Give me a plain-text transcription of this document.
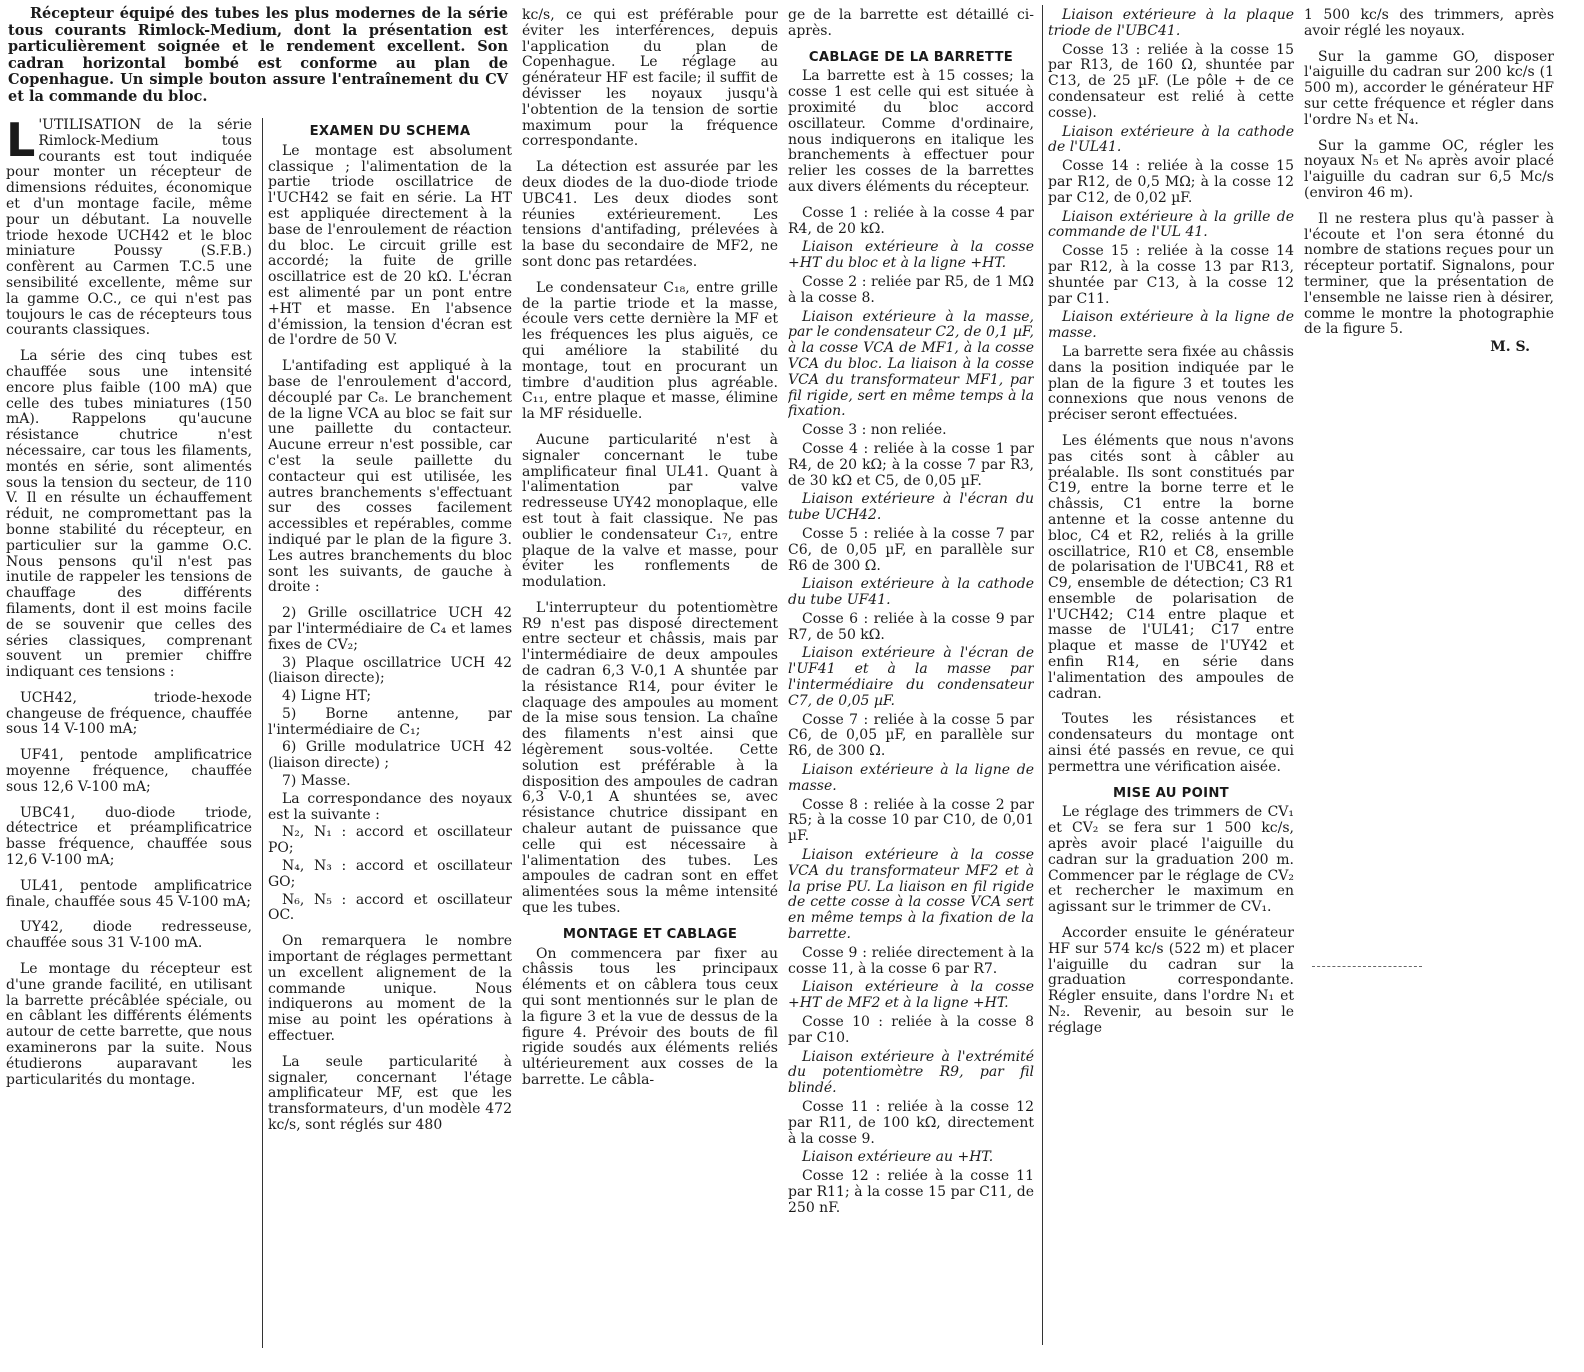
Récepteur équipé des tubes les plus modernes de la série tous courants Rimlock-Medium, dont la présentation est particulièrement soignée et le rendement excellent. Son cadran horizontal bombé est conforme au plan de Copenhague. Un simple bouton assure l'entraînement du CV et la commande du bloc.

L 'UTILISATION de la série Rimlock-Medium tous courants est tout indiquée pour monter un récepteur de dimensions réduites, économique et d'un montage facile, même pour un débutant. La nouvelle triode hexode UCH42 et le bloc miniature Poussy (S.F.B.) confèrent au Carmen T.C.5 une sensibilité excellente, même sur la gamme O.C., ce qui n'est pas toujours le cas de récepteurs tous courants classiques.

La série des cinq tubes est chauffée sous une intensité encore plus faible (100 mA) que celle des tubes miniatures (150 mA). Rappelons qu'aucune résistance chutrice n'est nécessaire, car tous les filaments, montés en série, sont alimentés sous la tension du secteur, de 110 V. Il en résulte un échauffement réduit, ne compromettant pas la bonne stabilité du récepteur, en particulier sur la gamme O.C. Nous pensons qu'il n'est pas inutile de rappeler les tensions de chauffage des différents filaments, dont il est moins facile de se souvenir que celles des séries classiques, comprenant souvent un premier chiffre indiquant ces tensions :

UCH42, triode-hexode changeuse de fréquence, chauffée sous 14 V-100 mA;

UF41, pentode amplificatrice moyenne fréquence, chauffée sous 12,6 V-100 mA;

UBC41, duo-diode triode, détectrice et préamplificatrice basse fréquence, chauffée sous 12,6 V-100 mA;

UL41, pentode amplificatrice finale, chauffée sous 45 V-100 mA;

UY42, diode redresseuse, chauffée sous 31 V-100 mA.

Le montage du récepteur est d'une grande facilité, en utilisant la barrette précâblée spéciale, ou en câblant les différents éléments autour de cette barrette, que nous examinerons par la suite. Nous étudierons auparavant les particularités du montage.

EXAMEN DU SCHEMA

Le montage est absolument classique ; l'alimentation de la partie triode oscillatrice de l'UCH42 se fait en série. La HT est appliquée directement à la base de l'enroulement de réaction du bloc. Le circuit grille est accordé; la fuite de grille oscillatrice est de 20 kΩ. L'écran est alimenté par un pont entre +HT et masse. En l'absence d'émission, la tension d'écran est de l'ordre de 50 V.

L'antifading est appliqué à la base de l'enroulement d'accord, découplé par C₈. Le branchement de la ligne VCA au bloc se fait sur une paillette du contacteur. Aucune erreur n'est possible, car c'est la seule paillette du contacteur qui est utilisée, les autres branchements s'effectuant sur des cosses facilement accessibles et repérables, comme indiqué par le plan de la figure 3. Les autres branchements du bloc sont les suivants, de gauche à droite :

2) Grille oscillatrice UCH 42 par l'intermédiaire de C₄ et lames fixes de CV₂;

3) Plaque oscillatrice UCH 42 (liaison directe);

4) Ligne HT;

5) Borne antenne, par l'intermédiaire de C₁;

6) Grille modulatrice UCH 42 (liaison directe) ;

7) Masse.

La correspondance des noyaux est la suivante :

N₂, N₁ : accord et oscillateur PO;

N₄, N₃ : accord et oscillateur GO;

N₆, N₅ : accord et oscillateur OC.

On remarquera le nombre important de réglages permettant un excellent alignement de la commande unique. Nous indiquerons au moment de la mise au point les opérations à effectuer.

La seule particularité à signaler, concernant l'étage amplificateur MF, est que les transformateurs, d'un modèle 472 kc/s, sont réglés sur 480

kc/s, ce qui est préférable pour éviter les interférences, depuis l'application du plan de Copenhague. Le réglage au générateur HF est facile; il suffit de dévisser les noyaux jusqu'à l'obtention de la tension de sortie maximum pour la fréquence correspondante.

La détection est assurée par les deux diodes de la duo-diode triode UBC41. Les deux diodes sont réunies extérieurement. Les tensions d'antifading, prélevées à la base du secondaire de MF2, ne sont donc pas retardées.

Le condensateur C₁₈, entre grille de la partie triode et la masse, écoule vers cette dernière la MF et les fréquences les plus aiguës, ce qui améliore la stabilité du montage, tout en procurant un timbre d'audition plus agréable. C₁₁, entre plaque et masse, élimine la MF résiduelle.

Aucune particularité n'est à signaler concernant le tube amplificateur final UL41. Quant à l'alimentation par valve redresseuse UY42 monoplaque, elle est tout à fait classique. Ne pas oublier le condensateur C₁₇, entre plaque de la valve et masse, pour éviter les ronflements de modulation.

L'interrupteur du potentiomètre R9 n'est pas disposé directement entre secteur et châssis, mais par l'intermédiaire de deux ampoules de cadran 6,3 V-0,1 A shuntée par la résistance R14, pour éviter le claquage des ampoules au moment de la mise sous tension. La chaîne des filaments n'est ainsi que légèrement sous-voltée. Cette solution est préférable à la disposition des ampoules de cadran 6,3 V-0,1 A shuntées se, avec résistance chutrice dissipant en chaleur autant de puissance que celle qui est nécessaire à l'alimentation des tubes. Les ampoules de cadran sont en effet alimentées sous la même intensité que les tubes.

MONTAGE ET CABLAGE

On commencera par fixer au châssis tous les principaux éléments et on câblera tous ceux qui sont mentionnés sur le plan de la figure 3 et la vue de dessus de la figure 4. Prévoir des bouts de fil rigide soudés aux éléments reliés ultérieurement aux cosses de la barrette. Le câbla-

ge de la barrette est détaillé ci-après.

CABLAGE DE LA BARRETTE

La barrette est à 15 cosses; la cosse 1 est celle qui est située à proximité du bloc accord oscillateur. Comme d'ordinaire, nous indiquerons en italique les branchements à effectuer pour relier les cosses de la barrettes aux divers éléments du récepteur.

Cosse 1 : reliée à la cosse 4 par R4, de 20 kΩ.

Liaison extérieure à la cosse +HT du bloc et à la ligne +HT.

Cosse 2 : reliée par R5, de 1 MΩ à la cosse 8.

Liaison extérieure à la masse, par le condensateur C2, de 0,1 µF, à la cosse VCA de MF1, à la cosse VCA du bloc. La liaison à la cosse VCA du transformateur MF1, par fil rigide, sert en même temps à la fixation.

Cosse 3 : non reliée.

Cosse 4 : reliée à la cosse 1 par R4, de 20 kΩ; à la cosse 7 par R3, de 30 kΩ et C5, de 0,05 µF.

Liaison extérieure à l'écran du tube UCH42.

Cosse 5 : reliée à la cosse 7 par C6, de 0,05 µF, en parallèle sur R6 de 300 Ω.

Liaison extérieure à la cathode du tube UF41.

Cosse 6 : reliée à la cosse 9 par R7, de 50 kΩ.

Liaison extérieure à l'écran de l'UF41 et à la masse par l'intermédiaire du condensateur C7, de 0,05 µF.

Cosse 7 : reliée à la cosse 5 par C6, de 0,05 µF, en parallèle sur R6, de 300 Ω.

Liaison extérieure à la ligne de masse.

Cosse 8 : reliée à la cosse 2 par R5; à la cosse 10 par C10, de 0,01 µF.

Liaison extérieure à la cosse VCA du transformateur MF2 et à la prise PU. La liaison en fil rigide de cette cosse à la cosse VCA sert en même temps à la fixation de la barrette.

Cosse 9 : reliée directement à la cosse 11, à la cosse 6 par R7.

Liaison extérieure à la cosse +HT de MF2 et à la ligne +HT.

Cosse 10 : reliée à la cosse 8 par C10.

Liaison extérieure à l'extrémité du potentiomètre R9, par fil blindé.

Cosse 11 : reliée à la cosse 12 par R11, de 100 kΩ, directement à la cosse 9.

Liaison extérieure au +HT.

Cosse 12 : reliée à la cosse 11 par R11; à la cosse 15 par C11, de 250 nF.

Liaison extérieure à la plaque triode de l'UBC41.

Cosse 13 : reliée à la cosse 15 par R13, de 160 Ω, shuntée par C13, de 25 µF. (Le pôle + de ce condensateur est relié à cette cosse).

Liaison extérieure à la cathode de l'UL41.

Cosse 14 : reliée à la cosse 15 par R12, de 0,5 MΩ; à la cosse 12 par C12, de 0,02 µF.

Liaison extérieure à la grille de commande de l'UL 41.

Cosse 15 : reliée à la cosse 14 par R12, à la cosse 13 par R13, shuntée par C13, à la cosse 12 par C11.

Liaison extérieure à la ligne de masse.

La barrette sera fixée au châssis dans la position indiquée par le plan de la figure 3 et toutes les connexions que nous venons de préciser seront effectuées.

Les éléments que nous n'avons pas cités sont à câbler au préalable. Ils sont constitués par C19, entre la borne terre et le châssis, C1 entre la borne antenne et la cosse antenne du bloc, C4 et R2, reliés à la grille oscillatrice, R10 et C8, ensemble de polarisation de l'UBC41, R8 et C9, ensemble de détection; C3 R1 ensemble de polarisation de l'UCH42; C14 entre plaque et masse de l'UL41; C17 entre plaque et masse de l'UY42 et enfin R14, en série dans l'alimentation des ampoules de cadran.

Toutes les résistances et condensateurs du montage ont ainsi été passés en revue, ce qui permettra une vérification aisée.

MISE AU POINT

Le réglage des trimmers de CV₁ et CV₂ se fera sur 1 500 kc/s, après avoir placé l'aiguille du cadran sur la graduation 200 m. Commencer par le réglage de CV₂ et rechercher le maximum en agissant sur le trimmer de CV₁.

Accorder ensuite le générateur HF sur 574 kc/s (522 m) et placer l'aiguille du cadran sur la graduation correspondante. Régler ensuite, dans l'ordre N₁ et N₂. Revenir, au besoin sur le réglage

1 500 kc/s des trimmers, après avoir réglé les noyaux.

Sur la gamme GO, disposer l'aiguille du cadran sur 200 kc/s (1 500 m), accorder le générateur HF sur cette fréquence et régler dans l'ordre N₃ et N₄.

Sur la gamme OC, régler les noyaux N₅ et N₆ après avoir placé l'aiguille du cadran sur 6,5 Mc/s (environ 46 m).

Il ne restera plus qu'à passer à l'écoute et l'on sera étonné du nombre de stations reçues pour un récepteur portatif. Signalons, pour terminer, que la présentation de l'ensemble ne laisse rien à désirer, comme le montre la photographie de la figure 5.

M. S.
